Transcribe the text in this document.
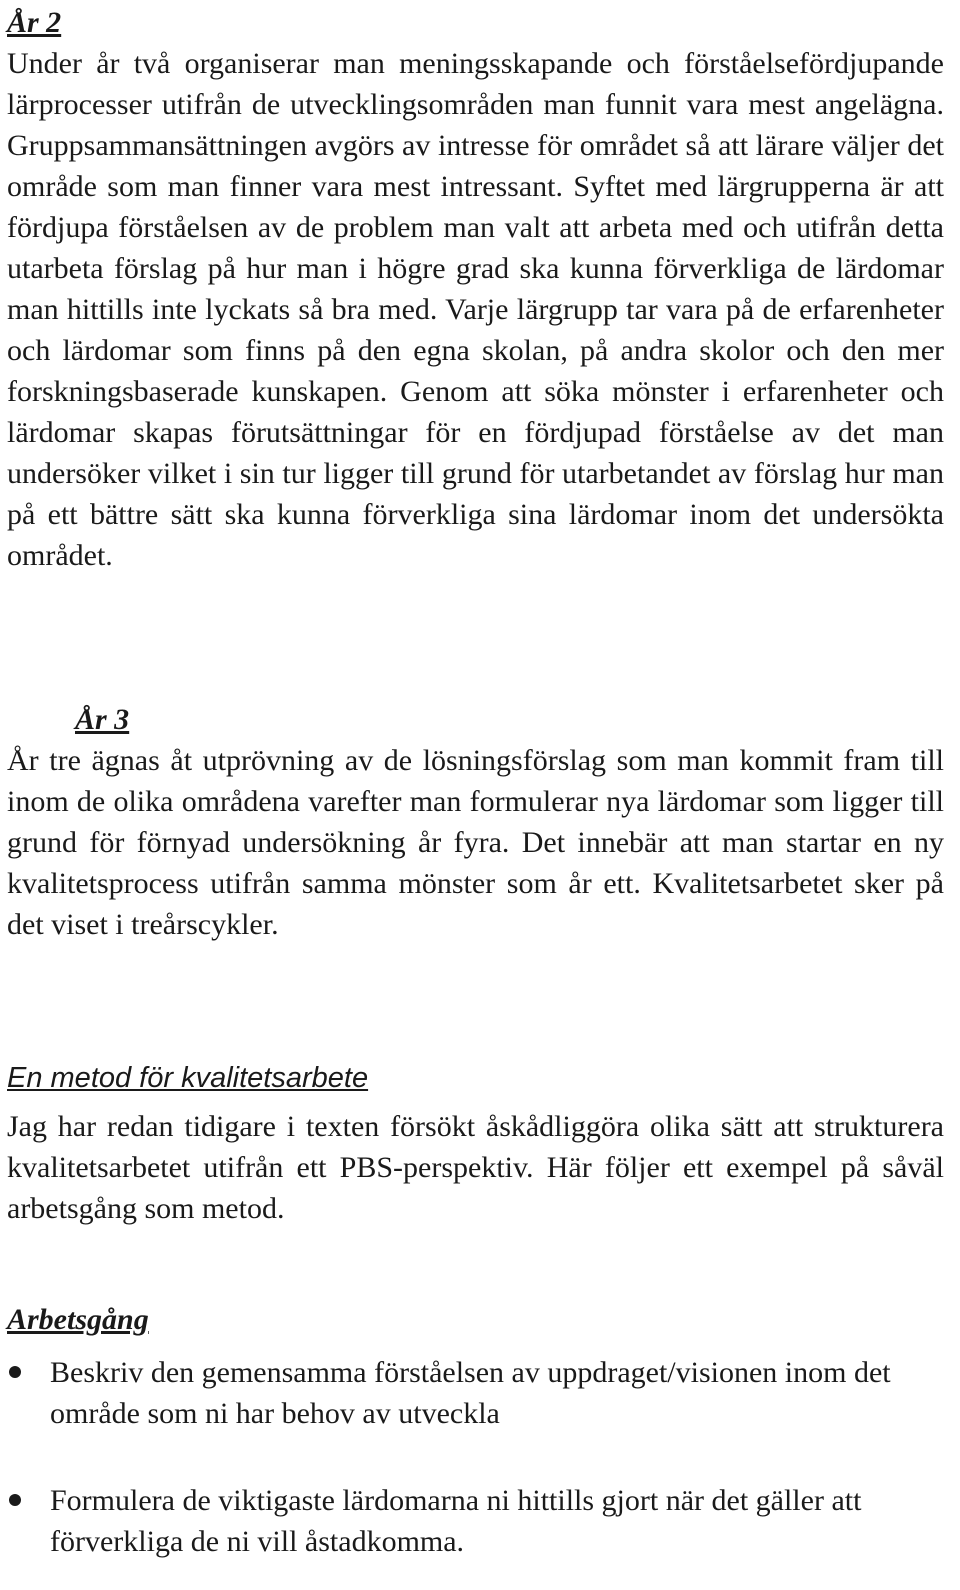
År 2

Under år två organiserar man meningsskapande och förståelsefördjupande lärprocesser utifrån de utvecklingsområden man funnit vara mest angelägna. Gruppsammansättningen avgörs av intresse för området så att lärare väljer det område som man finner vara mest intressant. Syftet med lärgrupperna är att fördjupa förståelsen av de problem man valt att arbeta med och utifrån detta utarbeta förslag på hur man i högre grad ska kunna förverkliga de lärdomar man hittills inte lyckats så bra med. Varje lärgrupp tar vara på de erfarenheter och lärdomar som finns på den egna skolan, på andra skolor och den mer forskningsbaserade kunskapen. Genom att söka mönster i erfarenheter och lärdomar skapas förutsättningar för en fördjupad förståelse av det man undersöker vilket i sin tur ligger till grund för utarbetandet av förslag hur man på ett bättre sätt ska kunna förverkliga sina lärdomar inom det undersökta området.

År 3

År tre ägnas åt utprövning av de lösningsförslag som man kommit fram till inom de olika områdena varefter man formulerar nya lärdomar som ligger till grund för förnyad undersökning år fyra. Det innebär att man startar en ny kvalitetsprocess utifrån samma mönster som år ett. Kvalitetsarbetet sker på det viset i treårscykler.

En metod för kvalitetsarbete

Jag har redan tidigare i texten försökt åskådliggöra olika sätt att strukturera kvalitetsarbetet utifrån ett PBS-perspektiv. Här följer ett exempel på såväl arbetsgång som metod.

Arbetsgång
Beskriv den gemensamma förståelsen av uppdraget/visionen inom det område som ni har behov av utveckla
Formulera de viktigaste lärdomarna ni hittills gjort när det gäller att förverkliga de ni vill åstadkomma.
